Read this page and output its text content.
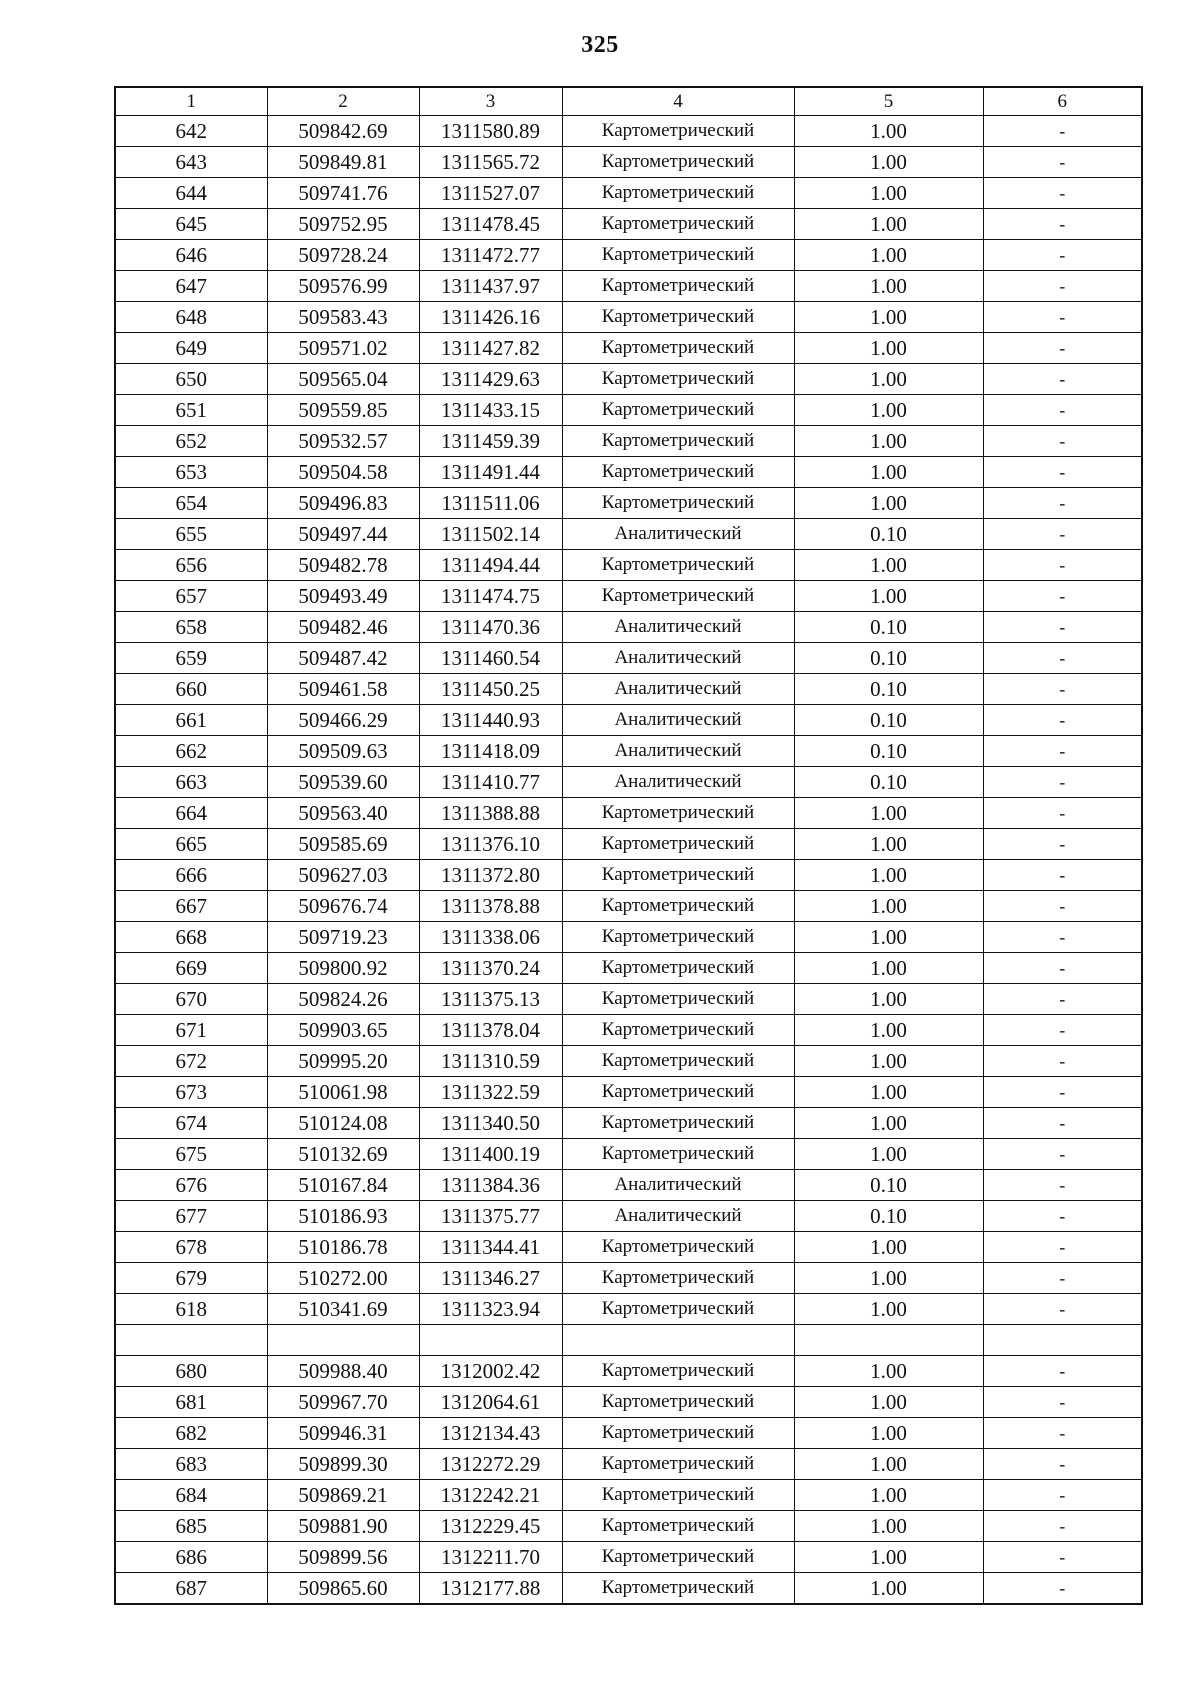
325
1	2	3	4	5	6
642	509842.69	1311580.89	Картометрический	1.00	-
643	509849.81	1311565.72	Картометрический	1.00	-
644	509741.76	1311527.07	Картометрический	1.00	-
645	509752.95	1311478.45	Картометрический	1.00	-
646	509728.24	1311472.77	Картометрический	1.00	-
647	509576.99	1311437.97	Картометрический	1.00	-
648	509583.43	1311426.16	Картометрический	1.00	-
649	509571.02	1311427.82	Картометрический	1.00	-
650	509565.04	1311429.63	Картометрический	1.00	-
651	509559.85	1311433.15	Картометрический	1.00	-
652	509532.57	1311459.39	Картометрический	1.00	-
653	509504.58	1311491.44	Картометрический	1.00	-
654	509496.83	1311511.06	Картометрический	1.00	-
655	509497.44	1311502.14	Аналитический	0.10	-
656	509482.78	1311494.44	Картометрический	1.00	-
657	509493.49	1311474.75	Картометрический	1.00	-
658	509482.46	1311470.36	Аналитический	0.10	-
659	509487.42	1311460.54	Аналитический	0.10	-
660	509461.58	1311450.25	Аналитический	0.10	-
661	509466.29	1311440.93	Аналитический	0.10	-
662	509509.63	1311418.09	Аналитический	0.10	-
663	509539.60	1311410.77	Аналитический	0.10	-
664	509563.40	1311388.88	Картометрический	1.00	-
665	509585.69	1311376.10	Картометрический	1.00	-
666	509627.03	1311372.80	Картометрический	1.00	-
667	509676.74	1311378.88	Картометрический	1.00	-
668	509719.23	1311338.06	Картометрический	1.00	-
669	509800.92	1311370.24	Картометрический	1.00	-
670	509824.26	1311375.13	Картометрический	1.00	-
671	509903.65	1311378.04	Картометрический	1.00	-
672	509995.20	1311310.59	Картометрический	1.00	-
673	510061.98	1311322.59	Картометрический	1.00	-
674	510124.08	1311340.50	Картометрический	1.00	-
675	510132.69	1311400.19	Картометрический	1.00	-
676	510167.84	1311384.36	Аналитический	0.10	-
677	510186.93	1311375.77	Аналитический	0.10	-
678	510186.78	1311344.41	Картометрический	1.00	-
679	510272.00	1311346.27	Картометрический	1.00	-
618	510341.69	1311323.94	Картометрический	1.00	-

680	509988.40	1312002.42	Картометрический	1.00	-
681	509967.70	1312064.61	Картометрический	1.00	-
682	509946.31	1312134.43	Картометрический	1.00	-
683	509899.30	1312272.29	Картометрический	1.00	-
684	509869.21	1312242.21	Картометрический	1.00	-
685	509881.90	1312229.45	Картометрический	1.00	-
686	509899.56	1312211.70	Картометрический	1.00	-
687	509865.60	1312177.88	Картометрический	1.00	-
